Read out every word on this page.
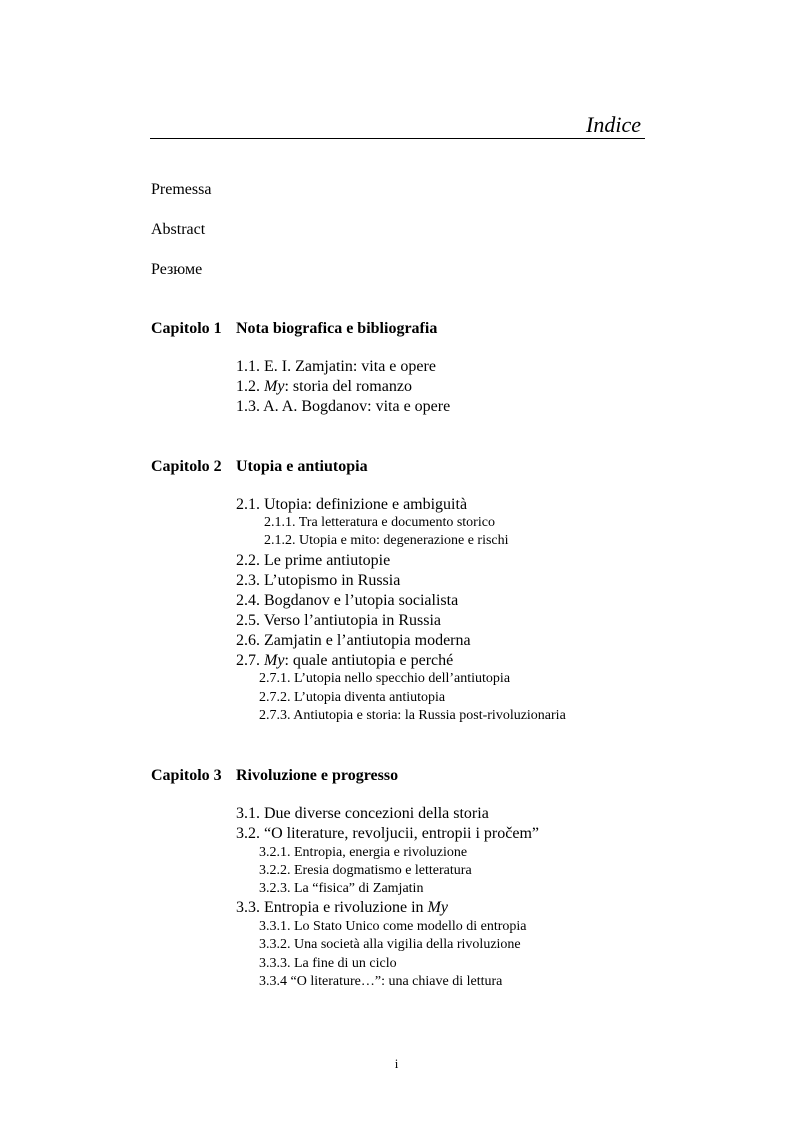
Indice
Premessa
Abstract
Резюме
Capitolo 1 Nota biografica e bibliografia
1.1. E. I. Zamjatin: vita e opere
1.2. My: storia del romanzo
1.3. A. A. Bogdanov: vita e opere
Capitolo 2 Utopia e antiutopia
2.1. Utopia: definizione e ambiguità
2.1.1. Tra letteratura e documento storico
2.1.2. Utopia e mito: degenerazione e rischi
2.2. Le prime antiutopie
2.3. L’utopismo in Russia
2.4. Bogdanov e l’utopia socialista
2.5. Verso l’antiutopia in Russia
2.6. Zamjatin e l’antiutopia moderna
2.7. My: quale antiutopia e perché
2.7.1. L’utopia nello specchio dell’antiutopia
2.7.2. L’utopia diventa antiutopia
2.7.3. Antiutopia e storia: la Russia post-rivoluzionaria
Capitolo 3 Rivoluzione e progresso
3.1. Due diverse concezioni della storia
3.2. “O literature, revoljucii, entropii i pročem”
3.2.1. Entropia, energia e rivoluzione
3.2.2. Eresia dogmatismo e letteratura
3.2.3. La “fisica” di Zamjatin
3.3. Entropia e rivoluzione in My
3.3.1. Lo Stato Unico come modello di entropia
3.3.2. Una società alla vigilia della rivoluzione
3.3.3. La fine di un ciclo
3.3.4 “O literature…”: una chiave di lettura
i
